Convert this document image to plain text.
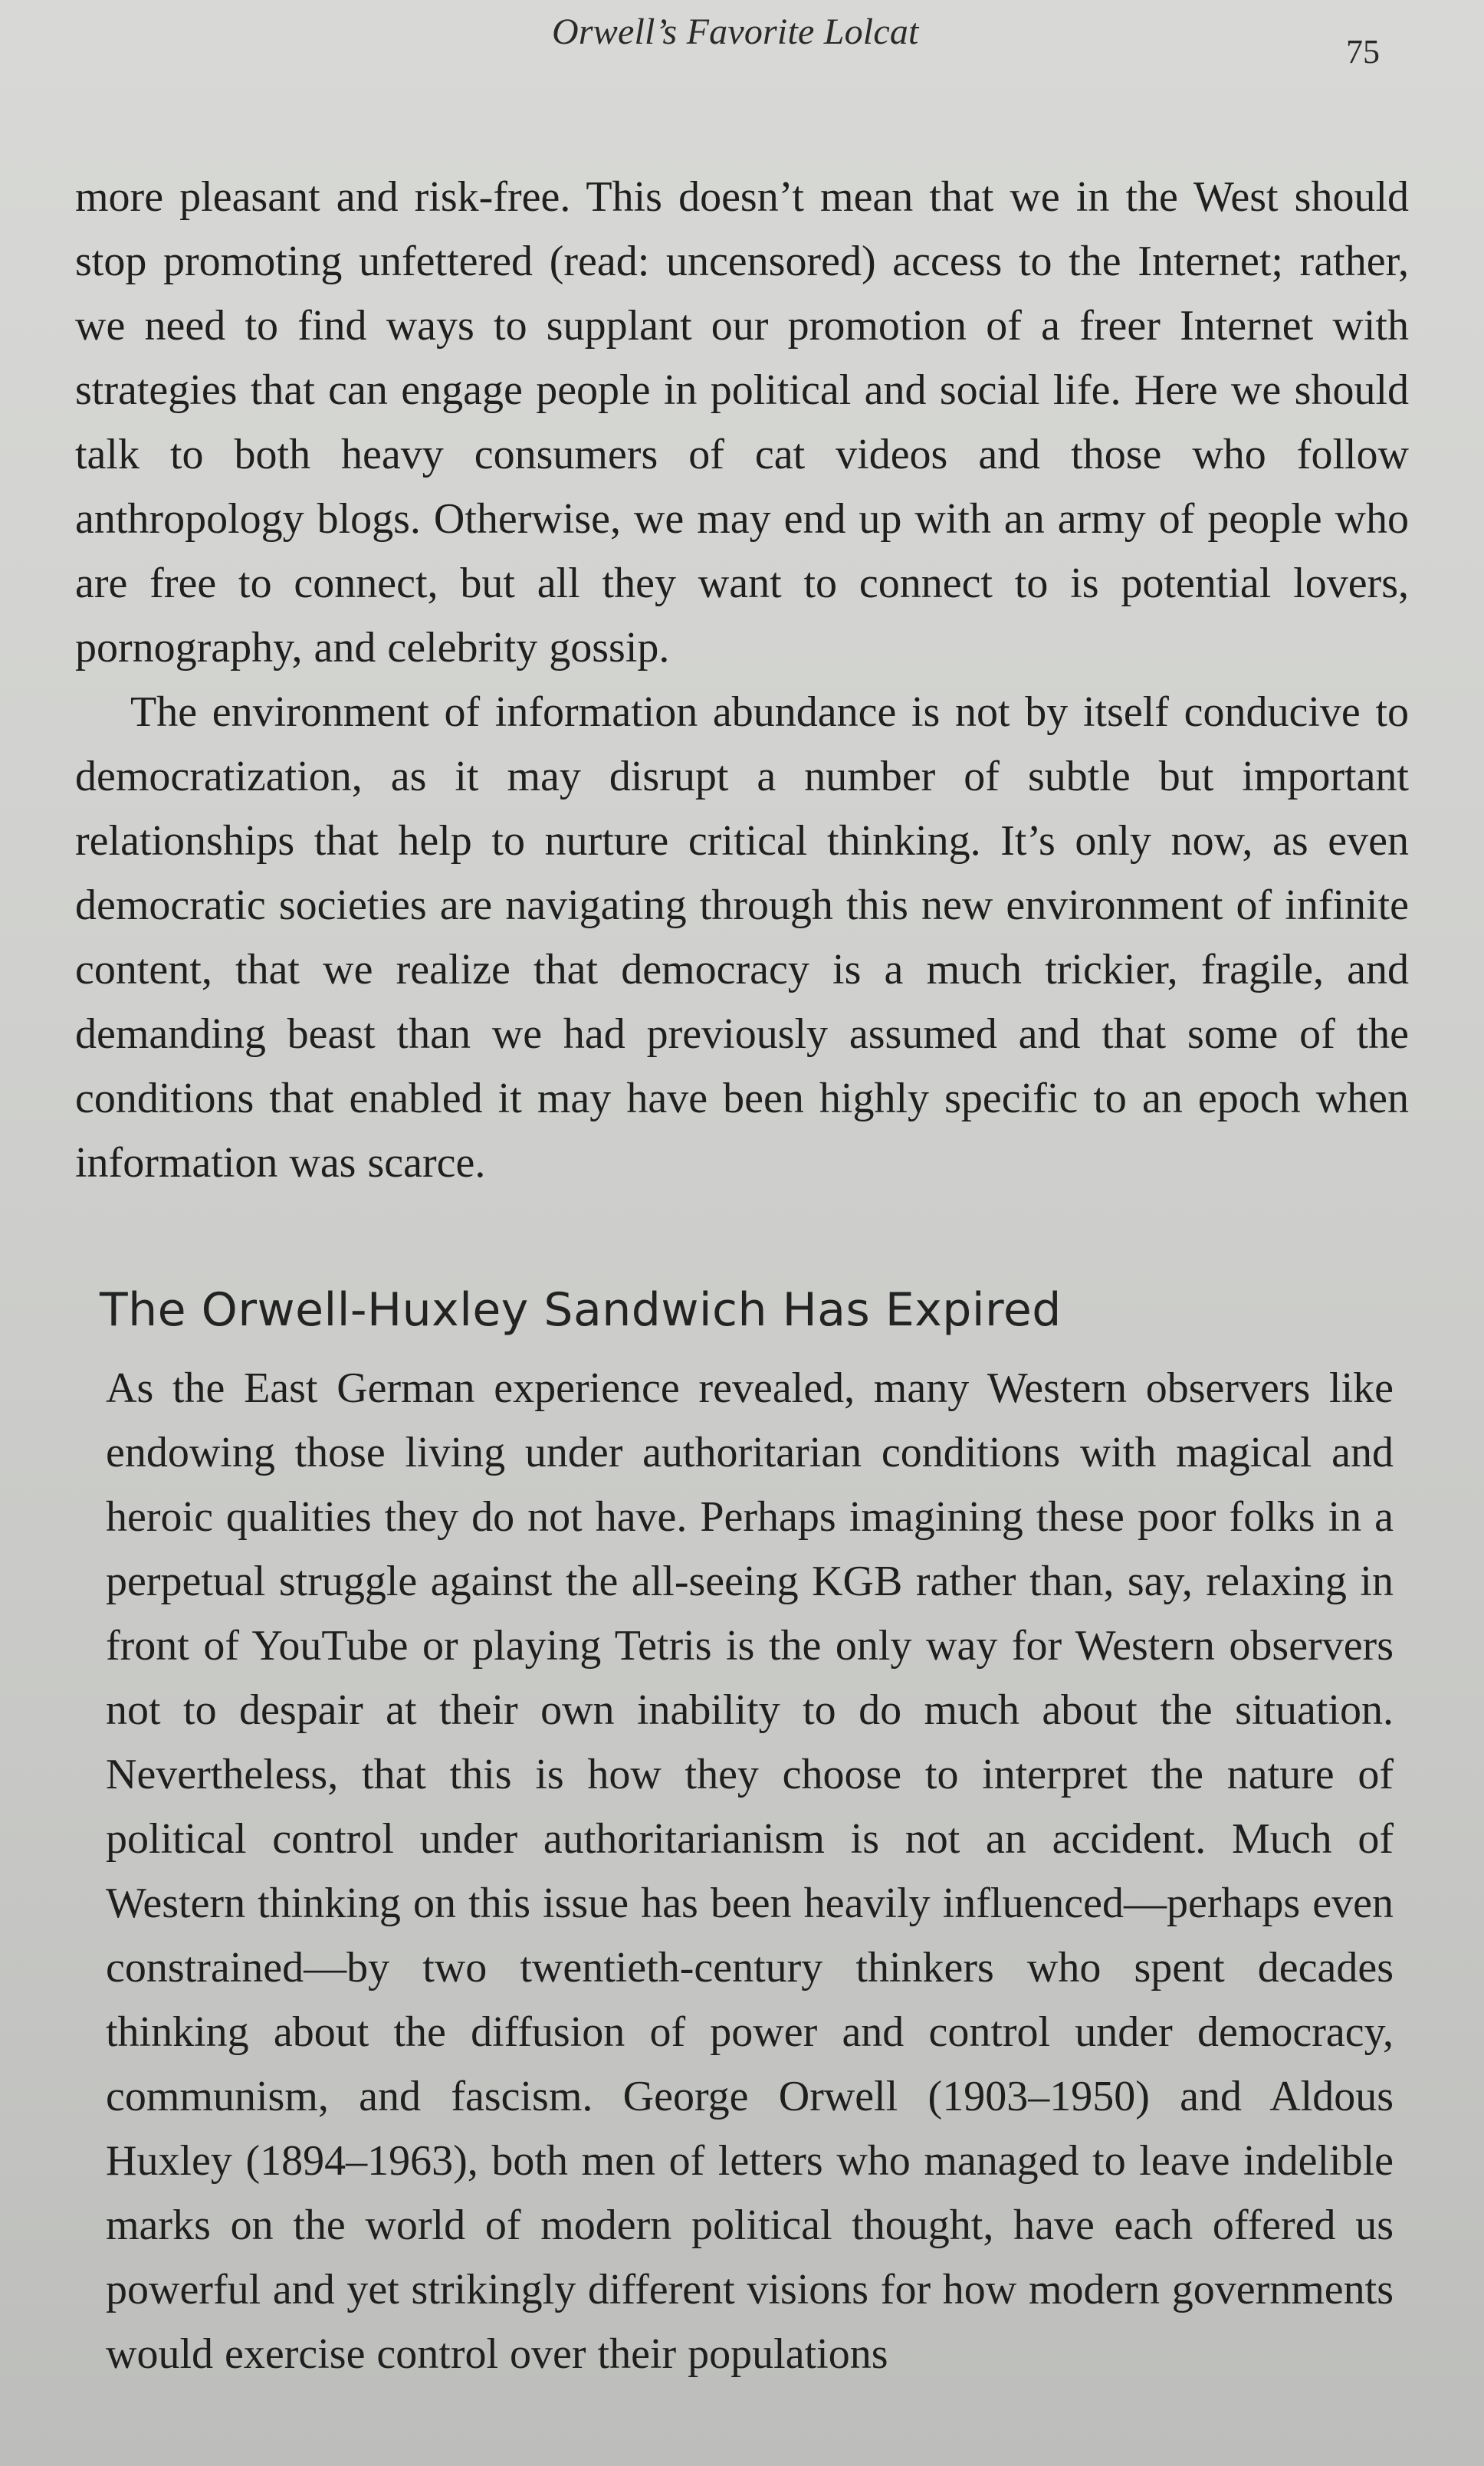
Orwell’s Favorite Lolcat	75

more pleasant and risk-free. This doesn’t mean that we in the West should stop promoting unfettered (read: uncensored) access to the Internet; rather, we need to find ways to supplant our promotion of a freer Internet with strategies that can engage people in political and social life. Here we should talk to both heavy consumers of cat videos and those who follow anthropology blogs. Otherwise, we may end up with an army of people who are free to connect, but all they want to connect to is potential lovers, pornography, and celebrity gossip.

The environment of information abundance is not by itself conducive to democratization, as it may disrupt a number of subtle but important relationships that help to nurture critical thinking. It’s only now, as even democratic societies are navigating through this new environment of infinite content, that we realize that democracy is a much trickier, fragile, and demanding beast than we had previously assumed and that some of the conditions that enabled it may have been highly specific to an epoch when information was scarce.

The Orwell-Huxley Sandwich Has Expired

As the East German experience revealed, many Western observers like endowing those living under authoritarian conditions with magical and heroic qualities they do not have. Perhaps imagining these poor folks in a perpetual struggle against the all-seeing KGB rather than, say, relaxing in front of YouTube or playing Tetris is the only way for Western observers not to despair at their own inability to do much about the situation. Nevertheless, that this is how they choose to interpret the nature of political control under authoritarianism is not an accident. Much of Western thinking on this issue has been heavily influenced—perhaps even constrained—by two twentieth-century thinkers who spent decades thinking about the diffusion of power and control under democracy, communism, and fascism. George Orwell (1903–1950) and Aldous Huxley (1894–1963), both men of letters who managed to leave indelible marks on the world of modern political thought, have each offered us powerful and yet strikingly different visions for how modern governments would exercise control over their populations
